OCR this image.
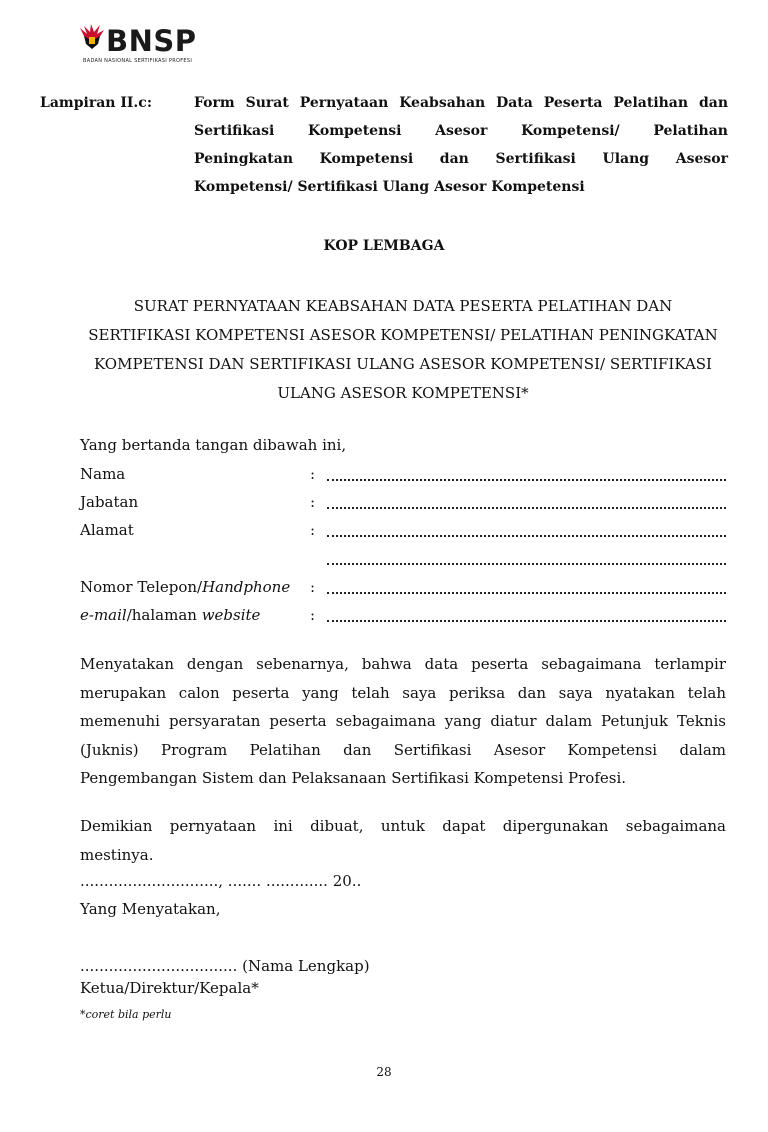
BNSP
BADAN NASIONAL SERTIFIKASI PROFESI
Lampiran II.c:	Form Surat Pernyataan Keabsahan Data Peserta Pelatihan dan
Sertifikasi Kompetensi Asesor Kompetensi/ Pelatihan
Peningkatan Kompetensi dan Sertifikasi Ulang Asesor
Kompetensi/ Sertifikasi Ulang Asesor Kompetensi
KOP LEMBAGA
SURAT PERNYATAAN KEABSAHAN DATA PESERTA PELATIHAN DAN
SERTIFIKASI KOMPETENSI ASESOR KOMPETENSI/ PELATIHAN PENINGKATAN
KOMPETENSI DAN SERTIFIKASI ULANG ASESOR KOMPETENSI/ SERTIFIKASI
ULANG ASESOR KOMPETENSI*
Yang bertanda tangan dibawah ini,
Nama	:
Jabatan	:
Alamat	:
Nomor Telepon/Handphone :
e-mail/halaman website	:
Menyatakan dengan sebenarnya, bahwa data peserta sebagaimana terlampir
merupakan calon peserta yang telah saya periksa dan saya nyatakan telah
memenuhi persyaratan peserta sebagaimana yang diatur dalam Petunjuk Teknis
(Juknis) Program Pelatihan dan Sertifikasi Asesor Kompetensi dalam
Pengembangan Sistem dan Pelaksanaan Sertifikasi Kompetensi Profesi.
Demikian pernyataan ini dibuat, untuk dapat dipergunakan sebagaimana
mestinya.
............................., ....... ............. 20..
Yang Menyatakan,
................................. (Nama Lengkap)
Ketua/Direktur/Kepala*
*coret bila perlu
28
